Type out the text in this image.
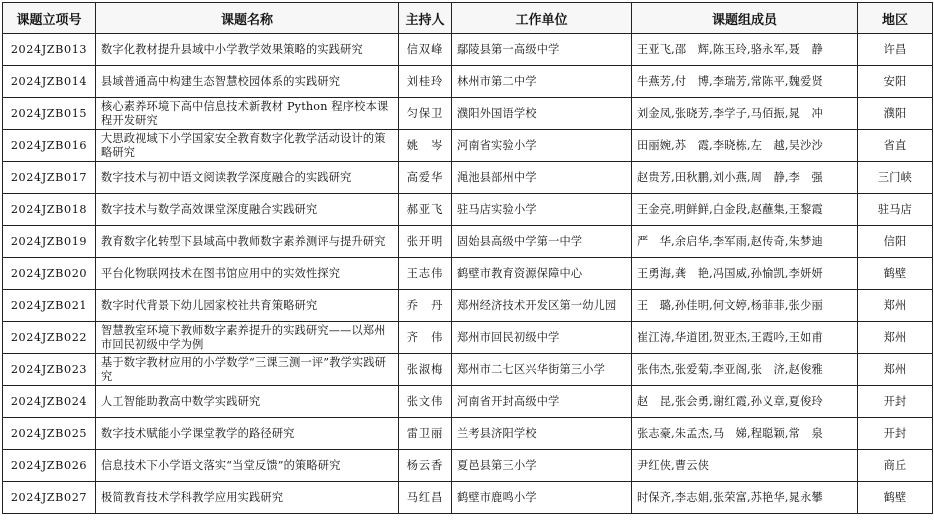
课题立项号	课题名称	主持人	工作单位	课题组成员	地区
2024JZB013	数字化教材提升县域中小学教学效果策略的实践研究	信双峰	鄢陵县第一高级中学	王亚飞,邵　辉,陈玉玲,骆永军,聂　静	许昌
2024JZB014	县域普通高中构建生态智慧校园体系的实践研究	刘桂玲	林州市第二中学	牛燕芳,付　博,李瑞芳,常陈平,魏爱贤	安阳
2024JZB015	核心素养环境下高中信息技术新教材 Python 程序校本课程开发研究	匀保卫	濮阳外国语学校	刘金凤,张晓芳,李学子,马佰振,晁　冲	濮阳
2024JZB016	大思政视域下小学国家安全教育数字化教学活动设计的策略研究	姚　岑	河南省实验小学	田丽婉,苏　霞,李晓栋,左　越,吴沙沙	省直
2024JZB017	数字技术与初中语文阅读教学深度融合的实践研究	高爱华	渑池县部州中学	赵贵芳,田秋鹏,刘小燕,周　静,李　强	三门峡
2024JZB018	数字技术与数学高效课堂深度融合实践研究	郝亚飞	驻马店实验小学	王金亮,明鲜鲜,白金段,赵蘸集,王黎霞	驻马店
2024JZB019	教育数字化转型下县域高中教师数字素养测评与提升研究	张开明	固始县高级中学第一中学	严　华,余启华,李军雨,赵传奇,朱梦迪	信阳
2024JZB020	平台化物联网技术在图书馆应用中的实效性探究	王志伟	鹤壁市教育资源保障中心	王勇海,龚　艳,冯国威,孙愉凯,李妍妍	鹤壁
2024JZB021	数字时代背景下幼儿园家校社共育策略研究	乔　丹	郑州经济技术开发区第一幼儿园	王　璐,孙佳明,何文婷,杨菲菲,张少丽	郑州
2024JZB022	智慧教室环境下教师数字素养提升的实践研究——以郑州市回民初级中学为例	齐　伟	郑州市回民初级中学	崔江涛,华道团,贺亚杰,王霞吟,王如甫	郑州
2024JZB023	基于数字教材应用的小学数学“三课三测一评”教学实践研究	张淑梅	郑州市二七区兴华街第三小学	张伟杰,张爱菊,李亚阁,张　济,赵俊雅	郑州
2024JZB024	人工智能助教高中数学实践研究	张文伟	河南省开封高级中学	赵　昆,张会勇,谢红霞,孙义章,夏俊玲	开封
2024JZB025	数字技术赋能小学课堂教学的路径研究	雷卫丽	兰考县济阳学校	张志豪,朱孟杰,马　娣,程聪颖,常　泉	开封
2024JZB026	信息技术下小学语文落实“当堂反馈”的策略研究	杨云香	夏邑县第三小学	尹红侠,曹云侠	商丘
2024JZB027	极简教育技术学科教学应用实践研究	马红昌	鹤壁市鹿鸣小学	时保齐,李志娟,张荣富,苏艳华,晁永攀	鹤壁
